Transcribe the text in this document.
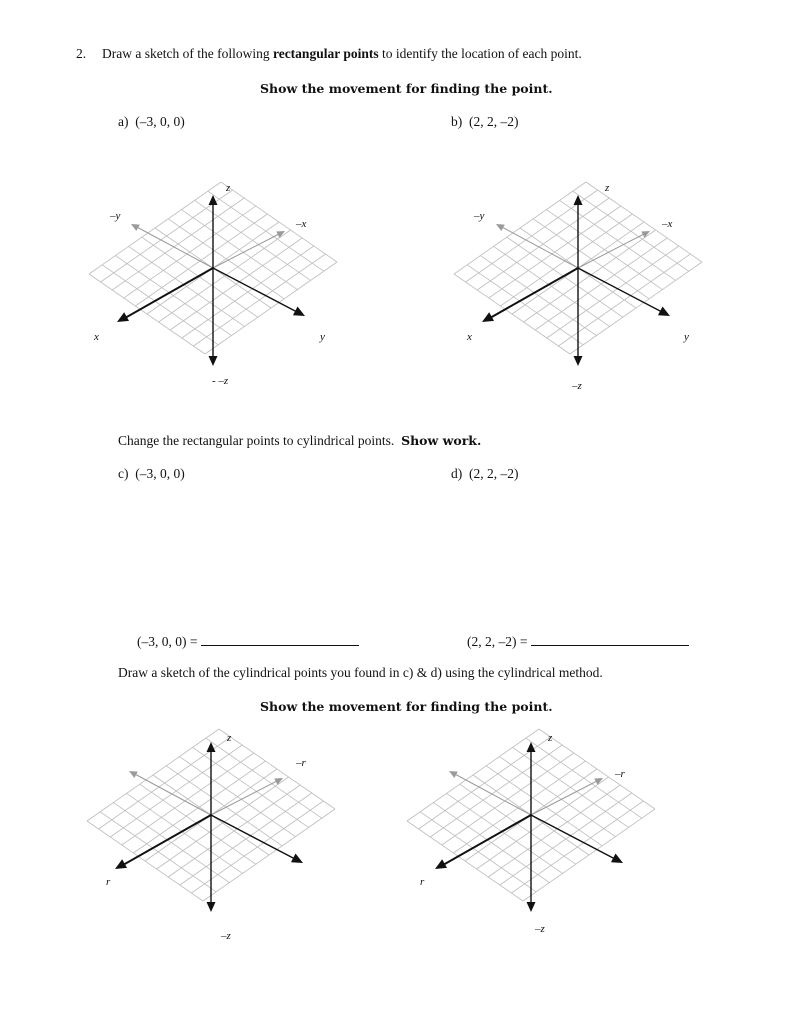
2. Draw a sketch of the following rectangular points to identify the location of each point.
Show the movement for finding the point.
a) (–3, 0, 0)	b) (2, 2, –2)
z
–y
–x
x	y
- –z
z
–y
–x
x	y
–z
Change the rectangular points to cylindrical points. Show work.
c) (–3, 0, 0)	d) (2, 2, –2)
(–3, 0, 0) =	(2, 2, –2) =
Draw a sketch of the cylindrical points you found in c) & d) using the cylindrical method.
Show the movement for finding the point.
z
–r
r
–z
z
–r
r
–z
